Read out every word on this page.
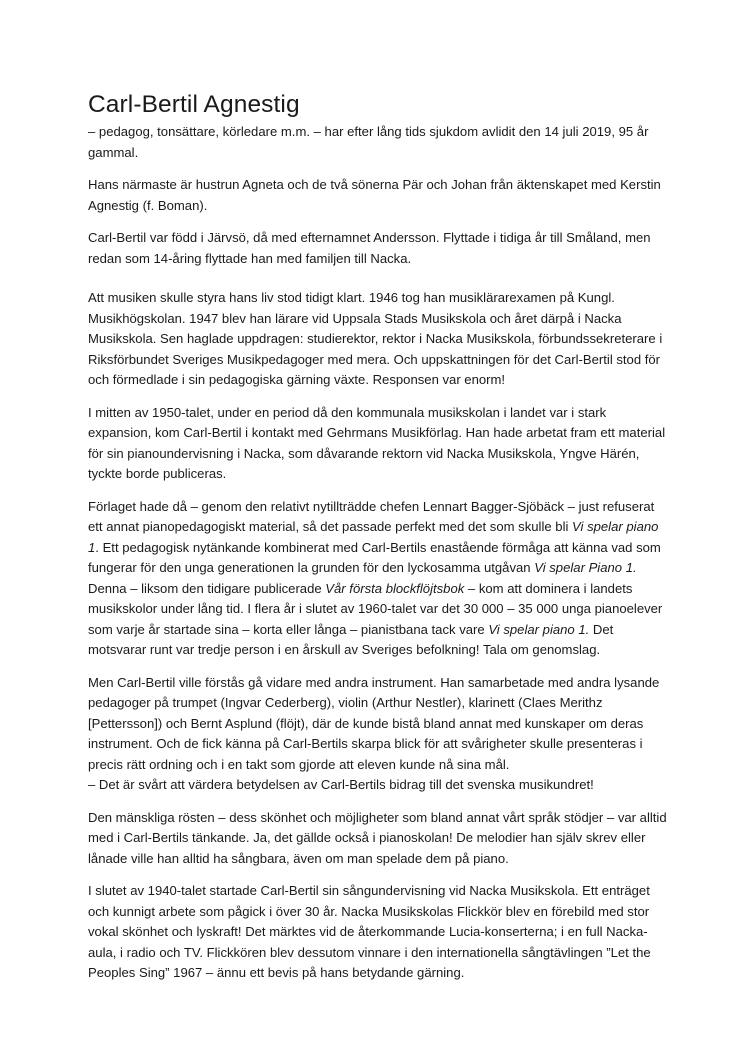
Carl-Bertil Agnestig

– pedagog, tonsättare, körledare m.m. – har efter lång tids sjukdom avlidit den 14 juli 2019, 95 år gammal.

Hans närmaste är hustrun Agneta och de två sönerna Pär och Johan från äktenskapet med Kerstin Agnestig (f. Boman).

Carl-Bertil var född i Järvsö, då med efternamnet Andersson. Flyttade i tidiga år till Småland, men redan som 14-åring flyttade han med familjen till Nacka.

Att musiken skulle styra hans liv stod tidigt klart. 1946 tog han musiklärarexamen på Kungl. Musikhögskolan. 1947 blev han lärare vid Uppsala Stads Musikskola och året därpå i Nacka Musikskola. Sen haglade uppdragen: studierektor, rektor i Nacka Musikskola, förbundssekreterare i Riksförbundet Sveriges Musikpedagoger med mera. Och uppskattningen för det Carl-Bertil stod för och förmedlade i sin pedagogiska gärning växte. Responsen var enorm!

I mitten av 1950-talet, under en period då den kommunala musikskolan i landet var i stark expansion, kom Carl-Bertil i kontakt med Gehrmans Musikförlag. Han hade arbetat fram ett material för sin pianoundervisning i Nacka, som dåvarande rektorn vid Nacka Musikskola, Yngve Härén, tyckte borde publiceras.

Förlaget hade då – genom den relativt nytillträdde chefen Lennart Bagger-Sjöbäck – just refuserat ett annat pianopedagogiskt material, så det passade perfekt med det som skulle bli Vi spelar piano 1. Ett pedagogisk nytänkande kombinerat med Carl-Bertils enastående förmåga att känna vad som fungerar för den unga generationen la grunden för den lyckosamma utgåvan Vi spelar Piano 1. Denna – liksom den tidigare publicerade Vår första blockflöjtsbok – kom att dominera i landets musikskolor under lång tid. I flera år i slutet av 1960-talet var det 30 000 – 35 000 unga pianoelever som varje år startade sina – korta eller långa – pianistbana tack vare Vi spelar piano 1. Det motsvarar runt var tredje person i en årskull av Sveriges befolkning! Tala om genomslag.

Men Carl-Bertil ville förstås gå vidare med andra instrument. Han samarbetade med andra lysande pedagoger på trumpet (Ingvar Cederberg), violin (Arthur Nestler), klarinett (Claes Merithz [Pettersson]) och Bernt Asplund (flöjt), där de kunde bistå bland annat med kunskaper om deras instrument. Och de fick känna på Carl-Bertils skarpa blick för att svårigheter skulle presenteras i precis rätt ordning och i en takt som gjorde att eleven kunde nå sina mål.

– Det är svårt att värdera betydelsen av Carl-Bertils bidrag till det svenska musikundret!

Den mänskliga rösten – dess skönhet och möjligheter som bland annat vårt språk stödjer – var alltid med i Carl-Bertils tänkande. Ja, det gällde också i pianoskolan! De melodier han själv skrev eller lånade ville han alltid ha sångbara, även om man spelade dem på piano.

I slutet av 1940-talet startade Carl-Bertil sin sångundervisning vid Nacka Musikskola. Ett enträget och kunnigt arbete som pågick i över 30 år. Nacka Musikskolas Flickkör blev en förebild med stor vokal skönhet och lyskraft! Det märktes vid de återkommande Lucia-konserterna; i en full Nacka-aula, i radio och TV. Flickkören blev dessutom vinnare i den internationella sångtävlingen ”Let the Peoples Sing” 1967 – ännu ett bevis på hans betydande gärning.
